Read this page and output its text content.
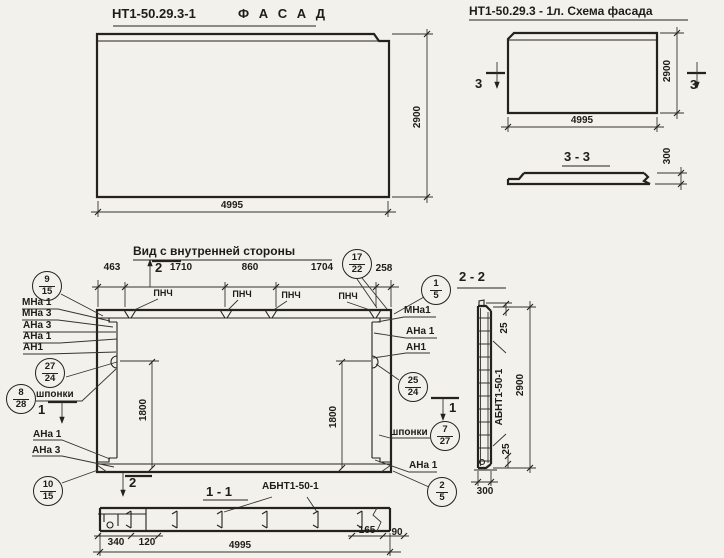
НТ1-50.29.3-1	Ф А С А Д	НТ1-50.29.3 - 1л. Схема фасада
Вид с внутренней стороны
1 - 1
2 - 2
3 - 3
4995
2900	4995
2900
3	3
300
463	1710	860	1704	258
ПНЧ	ПНЧ	ПНЧ	ПНЧ
МНа 1
МНа 3
АНа 3
АНа 1
АН1
шпонки
АНа 1
АНа 3
МНа1
АНа 1
АН1
шпонки
АНа 1
1800	1800
2
2
1	1
9
15
17
22
1
5
27
24
8
28
25
24
7
27
10
15
2
5
25
25
2900
АБНТ1-50-1
300
АБНТ1-50-1
340 120
165 90
4995
